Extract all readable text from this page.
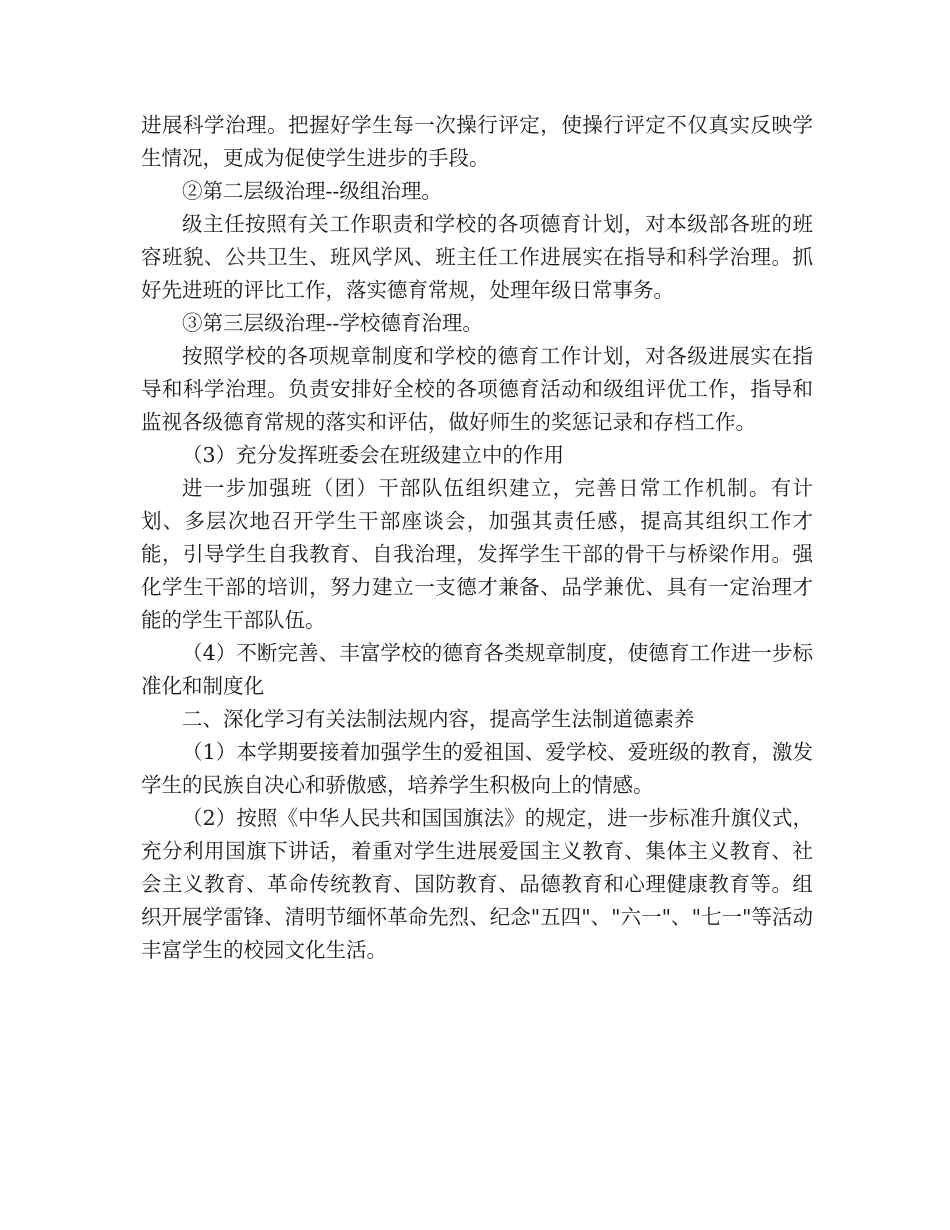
进展科学治理。把握好学生每一次操行评定，使操行评定不仅真实反映学生情况，更成为促使学生进步的手段。

②第二层级治理--级组治理。

级主任按照有关工作职责和学校的各项德育计划，对本级部各班的班容班貌、公共卫生、班风学风、班主任工作进展实在指导和科学治理。抓好先进班的评比工作，落实德育常规，处理年级日常事务。

③第三层级治理--学校德育治理。

按照学校的各项规章制度和学校的德育工作计划，对各级进展实在指导和科学治理。负责安排好全校的各项德育活动和级组评优工作，指导和监视各级德育常规的落实和评估，做好师生的奖惩记录和存档工作。

（3）充分发挥班委会在班级建立中的作用

进一步加强班（团）干部队伍组织建立，完善日常工作机制。有计划、多层次地召开学生干部座谈会，加强其责任感，提高其组织工作才能，引导学生自我教育、自我治理，发挥学生干部的骨干与桥梁作用。强化学生干部的培训，努力建立一支德才兼备、品学兼优、具有一定治理才能的学生干部队伍。

（4）不断完善、丰富学校的德育各类规章制度，使德育工作进一步标准化和制度化

二、深化学习有关法制法规内容，提高学生法制道德素养

（1）本学期要接着加强学生的爱祖国、爱学校、爱班级的教育，激发学生的民族自决心和骄傲感，培养学生积极向上的情感。

（2）按照《中华人民共和国国旗法》的规定，进一步标准升旗仪式，充分利用国旗下讲话，着重对学生进展爱国主义教育、集体主义教育、社会主义教育、革命传统教育、国防教育、品德教育和心理健康教育等。组织开展学雷锋、清明节缅怀革命先烈、纪念"五四"、"六一"、"七一"等活动丰富学生的校园文化生活。
